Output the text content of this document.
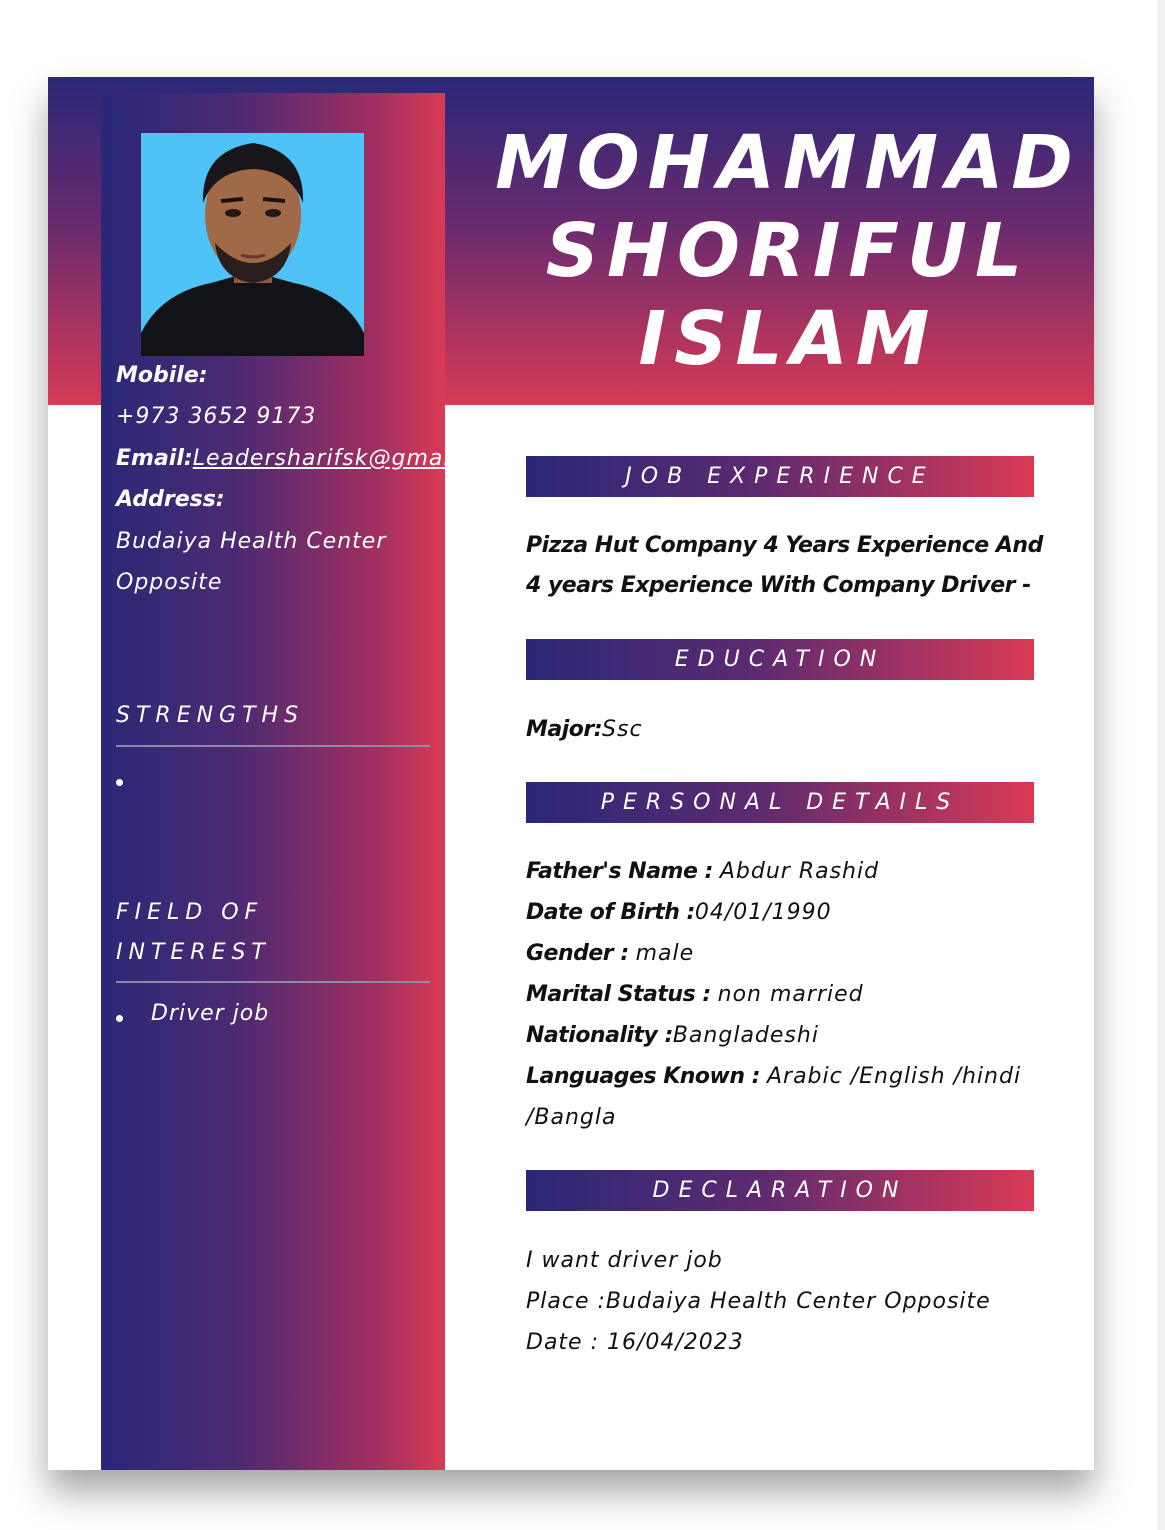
MOHAMMAD
SHORIFUL
ISLAM
Mobile:
+973 3652 9173
Email:Leadersharifsk@gmail
Address:
Budaiya Health Center
Opposite
STRENGTHS
FIELD OF
INTEREST
Driver job
JOB EXPERIENCE
Pizza Hut Company 4 Years Experience And
4 years Experience With Company Driver -
EDUCATION
Major:Ssc
PERSONAL DETAILS
Father's Name : Abdur Rashid
Date of Birth :04/01/1990
Gender : male
Marital Status : non married
Nationality :Bangladeshi
Languages Known : Arabic /English /hindi
/Bangla
DECLARATION
I want driver job
Place :Budaiya Health Center Opposite
Date : 16/04/2023
